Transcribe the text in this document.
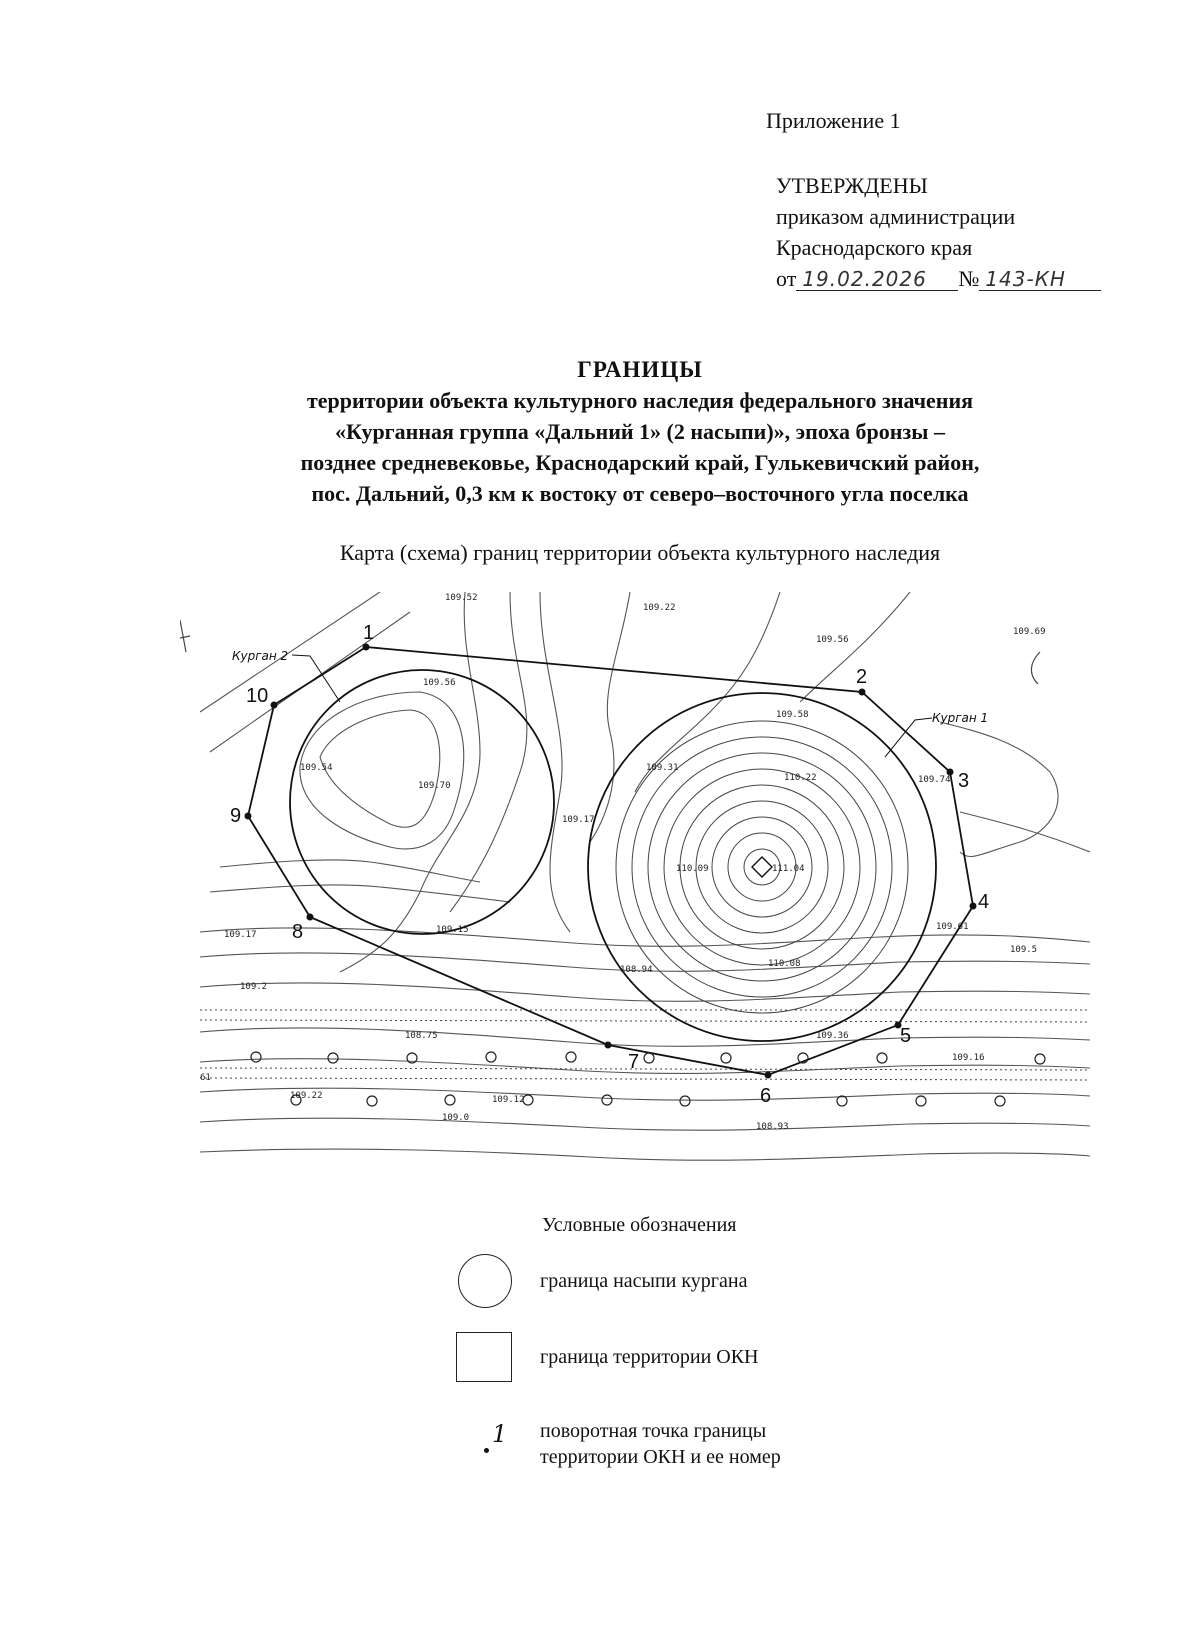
Приложение 1
УТВЕРЖДЕНЫ
приказом администрации
Краснодарского края
от 19.02.2026 № 143-КН
ГРАНИЦЫ
территории объекта культурного наследия федерального значения
«Курганная группа «Дальний 1» (2 насыпи)», эпоха бронзы –
позднее средневековье, Краснодарский край, Гулькевичский район,
пос. Дальний, 0,3 км к востоку от северо–восточного угла поселка
Карта (схема) границ территории объекта культурного наследия
1
2
3
4
5
6
7
8
9
10
Курган 2
Курган 1
109.52
109.22
109.56
109.69
109.56
109.54
109.70
109.17
109.58
109.31
110.22	109.74
110.09	111.04
109.61
109.5
109.17	109.15
109.2
110.08
108.94
109.36
108.75
109.16
109.22	109.12
109.0
108.93
61
Условные обозначения
граница насыпи кургана
граница территории ОКН
1 поворотная точка границы
территории ОКН и ее номер
